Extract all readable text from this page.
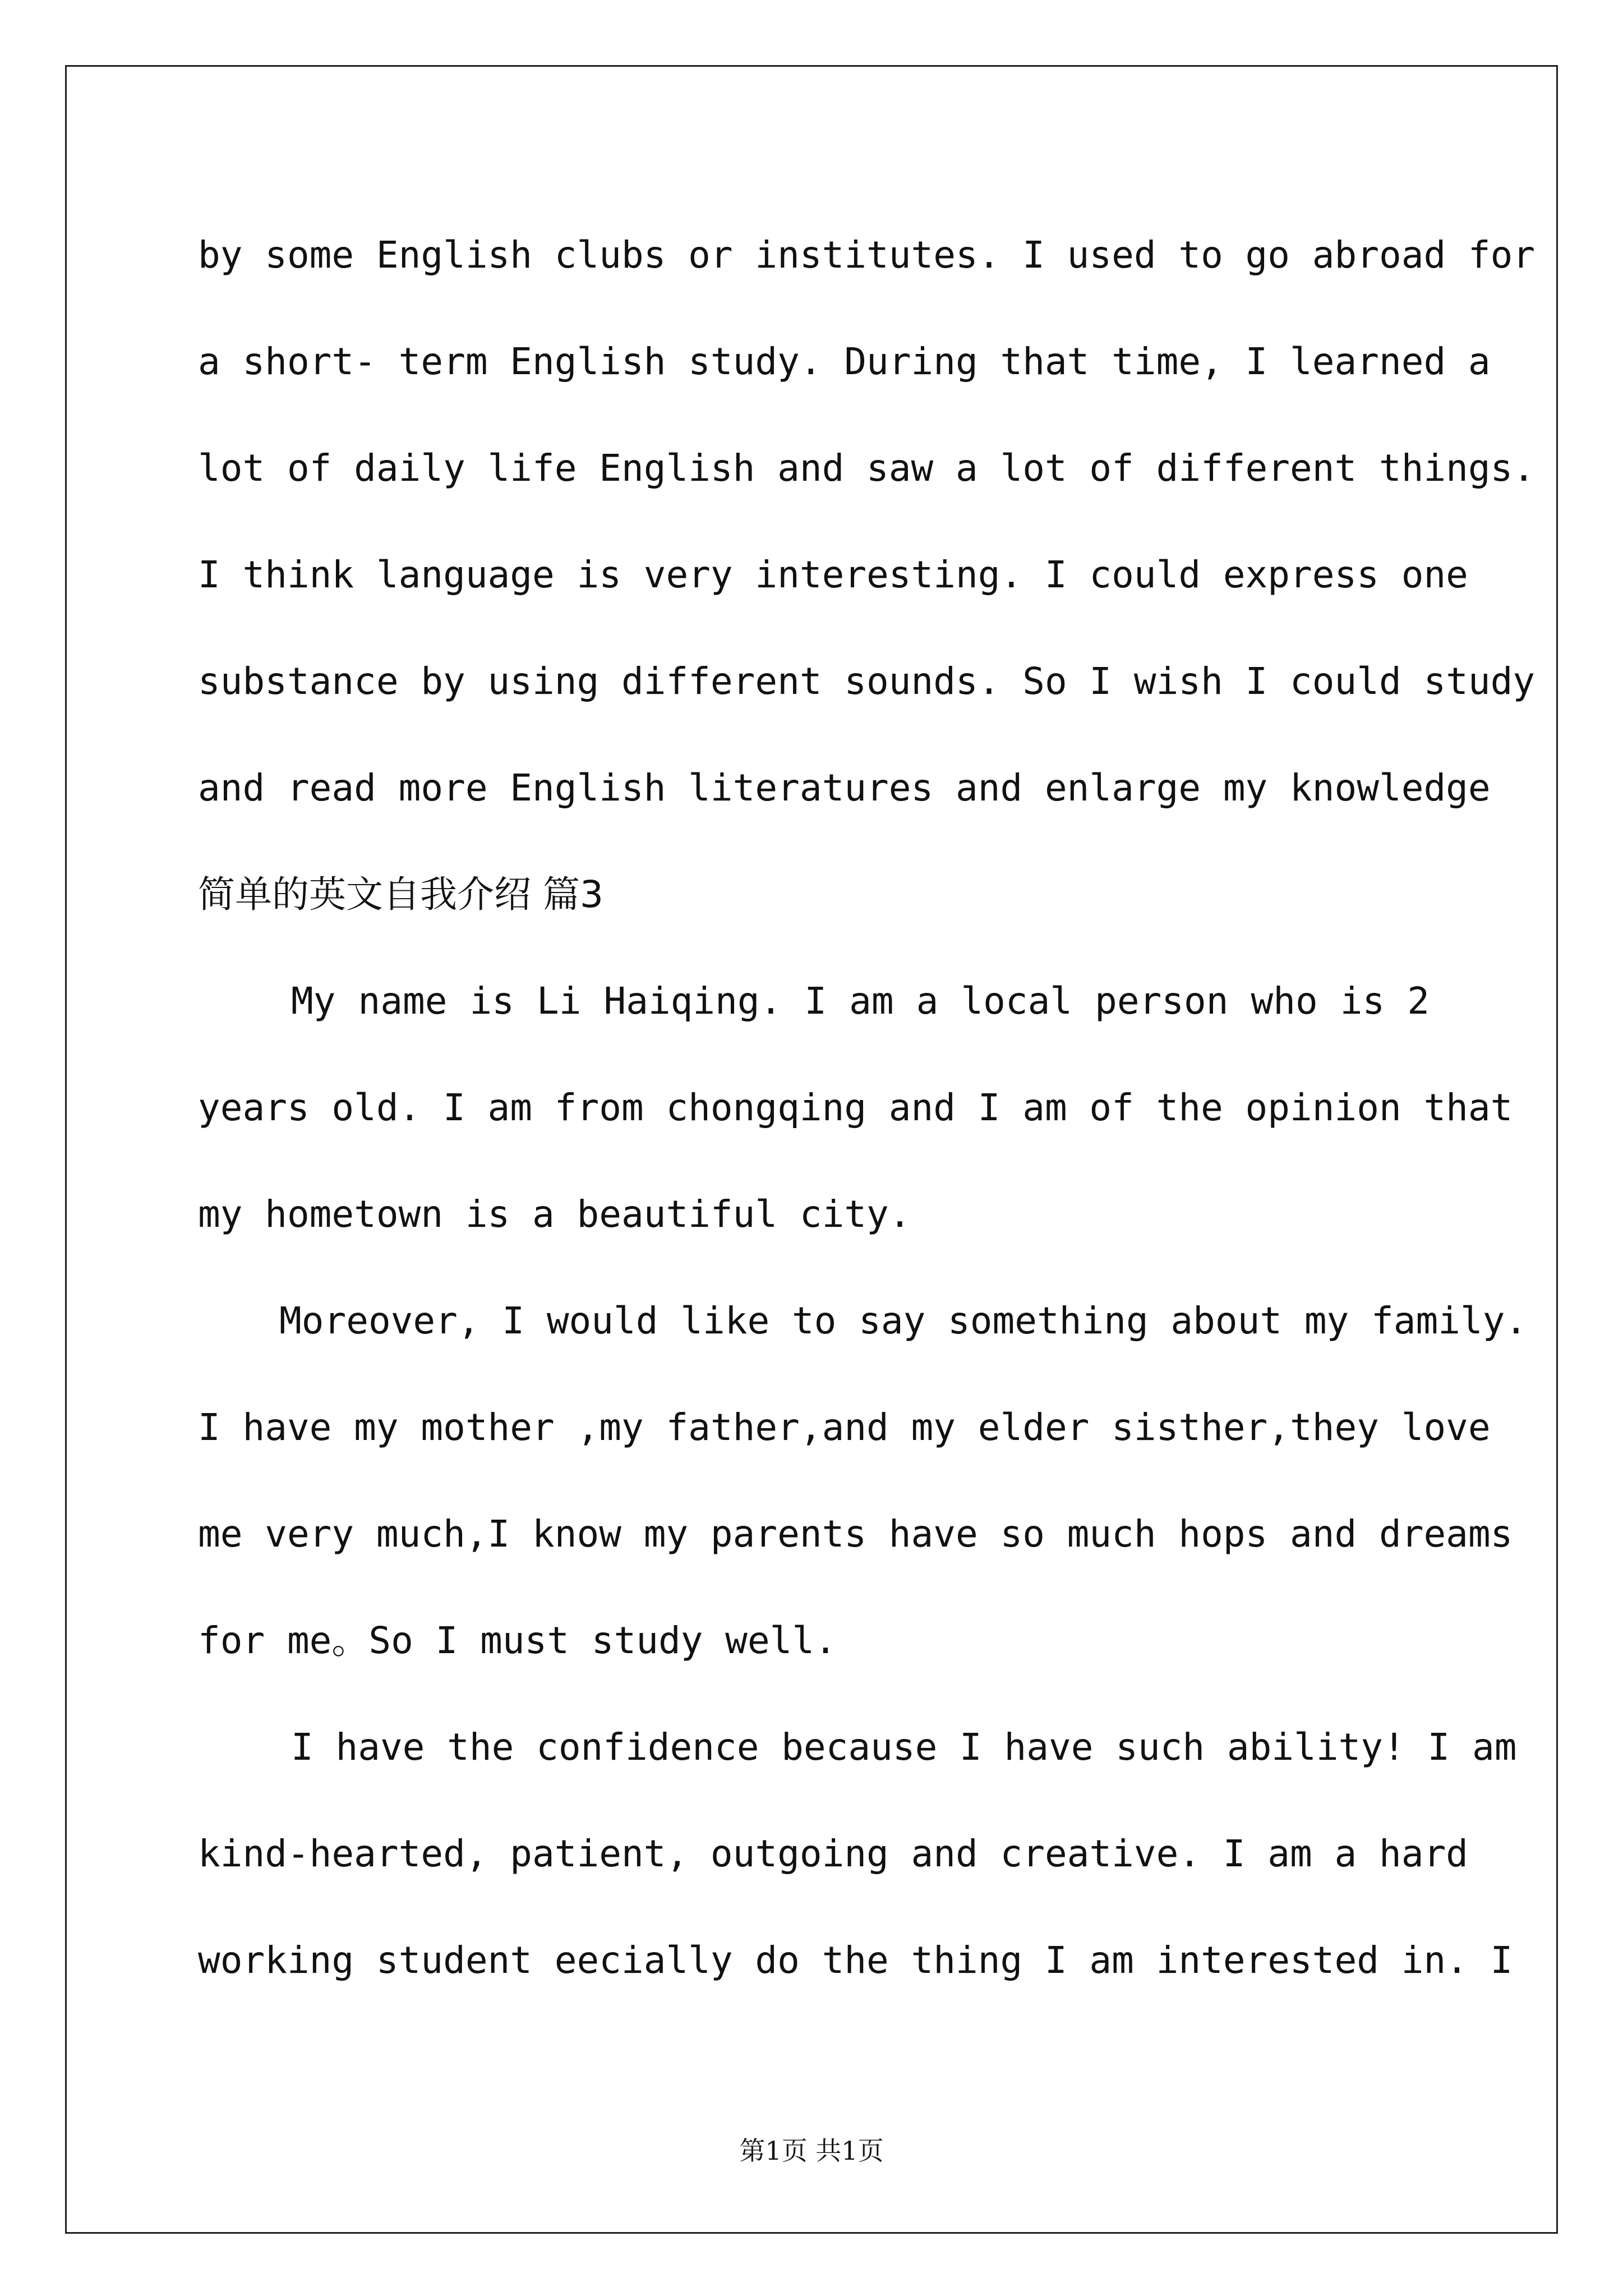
by some English clubs or institutes. I used to go abroad for
a short- term English study. During that time, I learned a
lot of daily life English and saw a lot of different things.
I think language is very interesting. I could express one
substance by using different sounds. So I wish I could study
and read more English literatures and enlarge my knowledge
简单的英文自我介绍 篇3
My name is Li Haiqing. I am a local person who is 2
years old. I am from chongqing and I am of the opinion that
my hometown is a beautiful city.
Moreover, I would like to say something about my family.
I have my mother ,my father,and my elder sisther,they love
me very much,I know my parents have so much hops and dreams
for me。So I must study well.
I have the confidence because I have such ability! I am
kind-hearted, patient, outgoing and creative. I am a hard
working student eecially do the thing I am interested in. I
第1页 共1页
